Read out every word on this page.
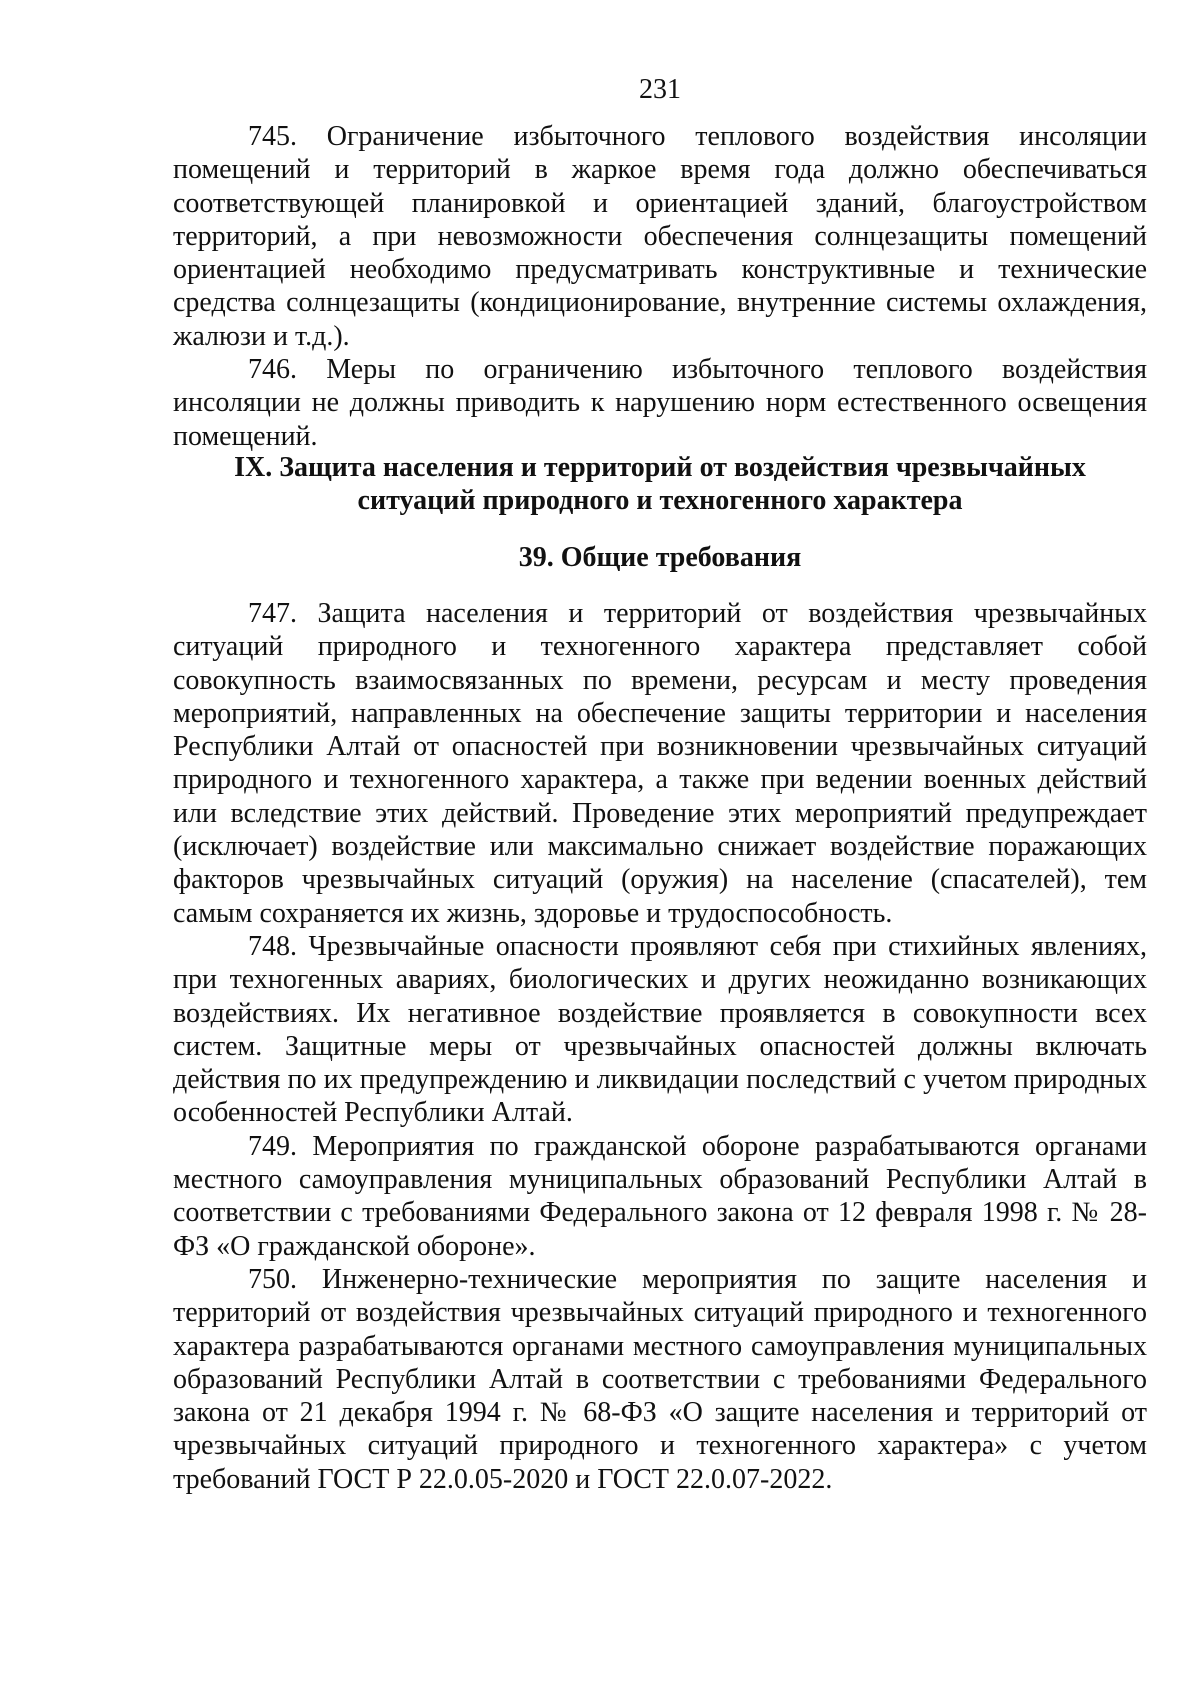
231

745. Ограничение избыточного теплового воздействия инсоляции помещений и территорий в жаркое время года должно обеспечиваться соответствующей планировкой и ориентацией зданий, благоустройством территорий, а при невозможности обеспечения солнцезащиты помещений ориентацией необходимо предусматривать конструктивные и технические средства солнцезащиты (кондиционирование, внутренние системы охлаждения, жалюзи и т.д.).

746. Меры по ограничению избыточного теплового воздействия инсоляции не должны приводить к нарушению норм естественного освещения помещений.

IX. Защита населения и территорий от воздействия чрезвычайных

ситуаций природного и техногенного характера

39. Общие требования

747. Защита населения и территорий от воздействия чрезвычайных ситуаций природного и техногенного характера представляет собой совокупность взаимосвязанных по времени, ресурсам и месту проведения мероприятий, направленных на обеспечение защиты территории и населения Республики Алтай от опасностей при возникновении чрезвычайных ситуаций природного и техногенного характера, а также при ведении военных действий или вследствие этих действий. Проведение этих мероприятий предупреждает (исключает) воздействие или максимально снижает воздействие поражающих факторов чрезвычайных ситуаций (оружия) на население (спасателей), тем самым сохраняется их жизнь, здоровье и трудоспособность.

748. Чрезвычайные опасности проявляют себя при стихийных явлениях, при техногенных авариях, биологических и других неожиданно возникающих воздействиях. Их негативное воздействие проявляется в совокупности всех систем. Защитные меры от чрезвычайных опасностей должны включать действия по их предупреждению и ликвидации последствий с учетом природных особенностей Республики Алтай.

749. Мероприятия по гражданской обороне разрабатываются органами местного самоуправления муниципальных образований Республики Алтай в соответствии с требованиями Федерального закона от 12 февраля 1998 г. № 28-ФЗ «О гражданской обороне».

750. Инженерно-технические мероприятия по защите населения и территорий от воздействия чрезвычайных ситуаций природного и техногенного характера разрабатываются органами местного самоуправления муниципальных образований Республики Алтай в соответствии с требованиями Федерального закона от 21 декабря 1994 г. № 68-ФЗ «О защите населения и территорий от чрезвычайных ситуаций природного и техногенного характера» с учетом требований ГОСТ Р 22.0.05-2020 и ГОСТ 22.0.07-2022.
